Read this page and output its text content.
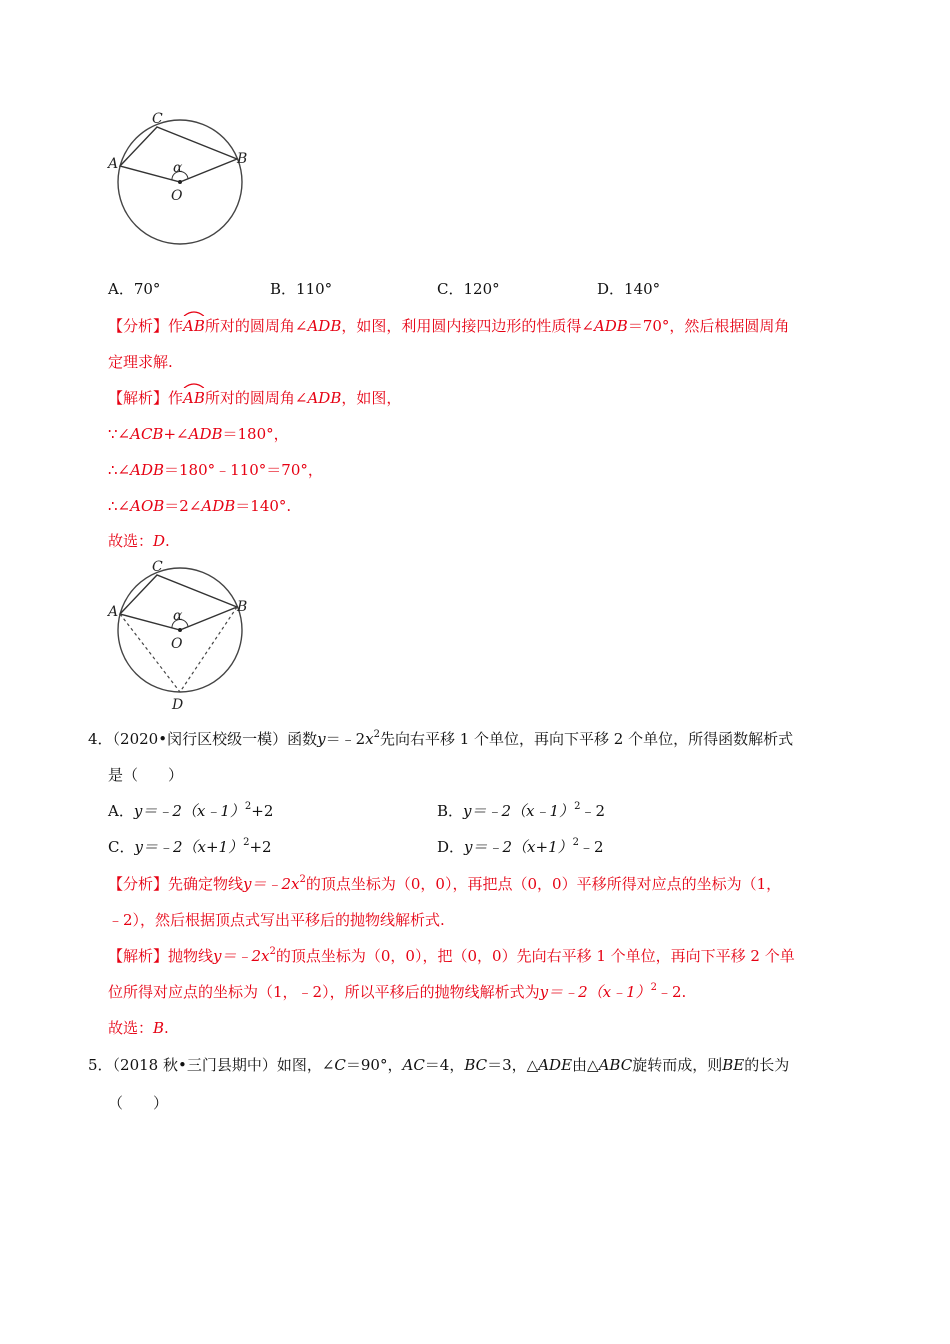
A	B
C
O
α
A．70°	B．110°	C．120°	D．140°
【分析】作
AB所对的圆周角∠ADB，如图，利用圆内接四边形的性质得∠ADB＝70°，然后根据圆周角
定理求解.
【解析】作
AB所对的圆周角∠ADB，如图，
∵∠ACB+∠ADB＝180°，
∴∠ADB＝180°﹣110°＝70°，
∴∠AOB＝2∠ADB＝140°.
故选：D.
A	B
C
O
D
α
4．（2020•闵行区校级一模）函数$y=﹣2x^2$先向右平移 1 个单位，再向下平移 2 个单位，所得函数解析式
是（　　）
A．y＝﹣2（x﹣1）$^2$+2	B．y＝﹣2（x﹣1）$^2$﹣2
C．$y=﹣2(x+1)^2+2$	D．$y=﹣2(x+1)^2﹣2$
【分析】先确定物线$y=﹣2x^2$的顶点坐标为（0，0），再把点（0，0）平移所得对应点的坐标为（1，
﹣2），然后根据顶点式写出平移后的抛物线解析式.
【解析】抛物线$y=﹣2x^2$的顶点坐标为（0，0），把（0，0）先向右平移 1 个单位，再向下平移 2 个单
位所得对应点的坐标为（1，﹣2），所以平移后的抛物线解析式为y＝﹣2（x﹣1）$^2$﹣2.
故选：B.
5．（2018 秋•三门县期中）如图，∠C＝90°，AC＝4，BC＝3，△ADE由△ABC旋转而成，则BE的长为
（　　）
